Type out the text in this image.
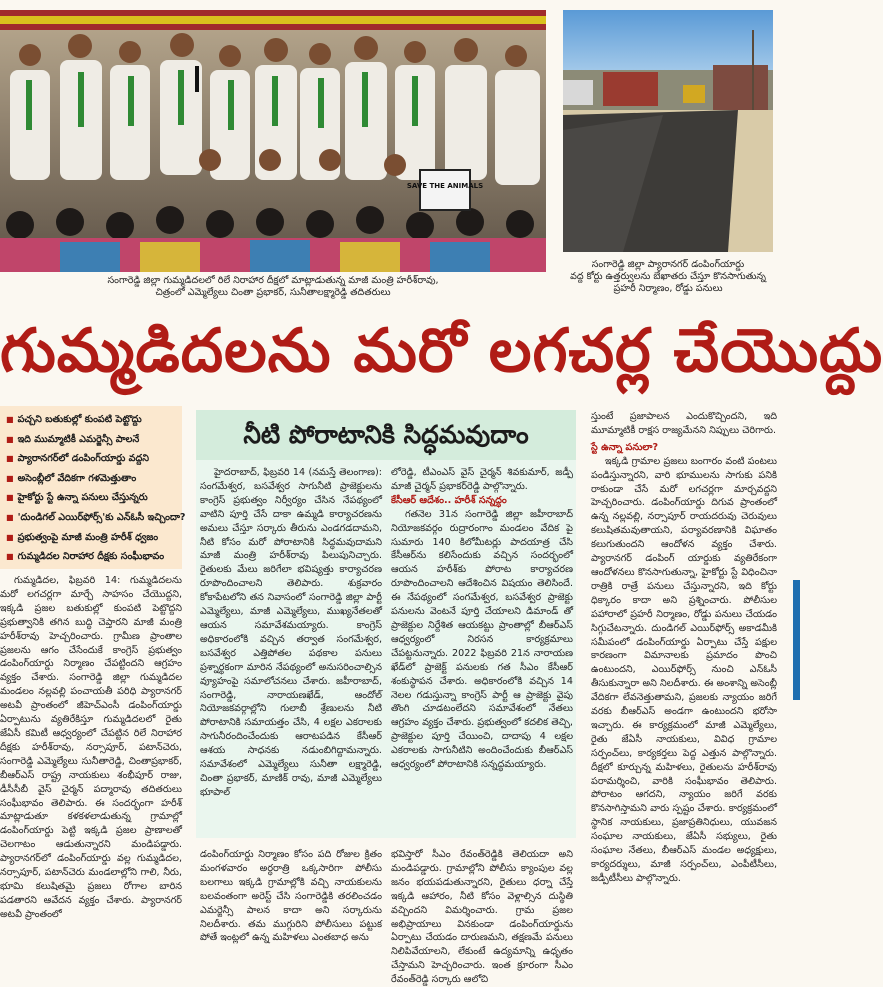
SAVE THE ANIMALS
సంగారెడ్డి జిల్లా గుమ్మడిదలలో రిలే నిరాహార దీక్షలో మాట్లాడుతున్న మాజీ మంత్రి హరీశ్‌రావు,
చిత్రంలో ఎమ్మెల్యేలు చింతా ప్రభాకర్, సునీతాలక్ష్మారెడ్డి తదితరులు
సంగారెడ్డి జిల్లా ప్యారానగర్ డంపింగ్‌యార్డు
వద్ద కోర్టు ఉత్తర్వులను బేఖాతరు చేస్తూ కొనసాగుతున్న
ప్రహరీ నిర్మాణం, రోడ్డు పనులు
గుమ్మడిదలను మరో లగచర్ల చేయొద్దు
■ పచ్చని బతుకుల్లో కుంపటి పెట్టొద్దు
■ ఇది ముమ్మాటికీ ఎమర్జెన్సీ పాలనే
■ ప్యారానగర్‌లో డంపింగ్‌యార్డు వద్దని
■ అసెంబ్లీలో వేదికగా గళమెత్తుతాం
■ హైకోర్టు స్టే ఉన్నా పనులు చేస్తున్నరు
■ 'దుండిగల్ ఎయిర్‌ఫోర్స్'కు ఎన్‌ఓసీ ఇచ్చిందా?
■ ప్రభుత్వంపై మాజీ మంత్రి హరీశ్ ధ్వజం
■ గుమ్మడిదల నిరాహార దీక్షకు సంఘీభావం

గుమ్మడిదల, ఫిబ్రవరి 14: గుమ్మడిదలను మరో లగచర్లగా మార్చే సాహసం చేయొద్దని, ఇక్కడి ప్రజల బతుకుల్లో కుంపటి పెట్టొద్దని ప్రభుత్వానికి తగిన బుద్ధి చెప్తారని మాజీ మంత్రి హరీశ్‌రావు హెచ్చరించారు. గ్రామీణ ప్రాంతాల ప్రజలను ఆగం చేసేందుకే కాంగ్రెస్ ప్రభుత్వం డంపింగ్‌యార్డు నిర్మాణం చేపట్టిందని ఆగ్రహం వ్యక్తం చేశారు. సంగారెడ్డి జిల్లా గుమ్మడిదల మండలం నల్లవల్లి పంచాయతీ పరిధి ప్యారానగర్ అటవీ ప్రాంతంలో జీహెచ్‌ఎంసీ డంపింగ్‌యార్డు ఏర్పాటును వ్యతిరేకిస్తూ గుమ్మడిదలలో రైతు జేఏసీ కమిటీ ఆధ్వర్యంలో చేపట్టిన రిలే నిరాహార దీక్షకు హరీశ్‌రావు, నర్సాపూర్, పటాన్‌చెరు, సంగారెడ్డి ఎమ్మెల్యేలు సునీతారెడ్డి, చింతాప్రభాకర్, బీఆర్‌ఎస్ రాష్ట్ర నాయకులు శంభీపూర్ రాజు, డీసీసీబీ వైస్ చైర్మన్ పద్మారావు తదితరులు సంఘీభావం తెలిపారు. ఈ సందర్భంగా హరీశ్ మాట్లాడుతూ కళకళలాడుతున్న గ్రామాల్లో డంపింగ్‌యార్డు పెట్టి ఇక్కడి ప్రజల ప్రాణాలతో చెలగాటం ఆడుతున్నారని మండిపడ్డారు. ప్యారానగర్‌లో డంపింగ్‌యార్డు వల్ల గుమ్మడిదల, నర్సాపూర్, పటాన్‌చెరు మండలాల్లోని గాలి, నీరు, భూమి కలుషితమై ప్రజలు రోగాల బారిన పడతారని ఆవేదన వ్యక్తం చేశారు. ప్యారానగర్ అటవీ ప్రాంతంలో

నీటి పోరాటానికి సిద్ధమవుదాం

హైదరాబాద్, ఫిబ్రవరి 14 (నమస్తే తెలంగాణ): సంగమేశ్వర, బసవేశ్వర సాగునీటి ప్రాజెక్టులను కాంగ్రెస్ ప్రభుత్వం నిర్వీర్యం చేసిన నేపథ్యంలో వాటిని పూర్తి చేసే దాకా ఉమ్మడి కార్యాచరణను అమలు చేస్తూ సర్కారు తీరును ఎండగడదామని, నీటి కోసం మరో పోరాటానికి సిద్ధమవుదామని మాజీ మంత్రి హరీశ్‌రావు పిలుపునిచ్చారు. రైతులకు మేలు జరిగేలా భవిష్యత్తు కార్యాచరణ రూపొందించాలని తెలిపారు. శుక్రవారం కోకాపేటలోని తన నివాసంలో సంగారెడ్డి జిల్లా పార్టీ ఎమ్మెల్యేలు, మాజీ ఎమ్మెల్యేలు, ముఖ్యనేతలతో ఆయన సమావేశమయ్యారు. కాంగ్రెస్ అధికారంలోకి వచ్చిన తర్వాత సంగమేశ్వర, బసవేశ్వర ఎత్తిపోతల పథకాల పనులు ప్రశ్నార్థకంగా మారిన నేపథ్యంలో అనుసరించాల్సిన వ్యూహంపై సమాలోచనలు చేశారు. జహీరాబాద్, సంగారెడ్డి, నారాయణఖేడ్, ఆందోల్ నియోజకవర్గాల్లోని గులాబీ శ్రేణులను నీటి పోరాటానికి సమాయత్తం చేసి, 4 లక్షల ఎకరాలకు సాగునీరందించేందుకు ఆరాటపడిన కేసీఆర్ ఆశయ సాధనకు నడుంబిగిద్దామన్నారు. సమావేశంలో ఎమ్మెల్యేలు సునీతా లక్ష్మారెడ్డి, చింతా ప్రభాకర్, మాణిక్ రావు, మాజీ ఎమ్మెల్యేలు భూపాల్

లోరెడ్డి, టీఎంఎస్ వైస్ చైర్మన్ శివకుమార్, జడ్పీ మాజీ చైర్మన్ ప్రభాకర్‌రెడ్డి పాల్గొన్నారు.

కేసీఆర్ ఆదేశం.. హరీశ్ సన్నద్ధం

గతనెల 31న సంగారెడ్డి జిల్లా జహీరాబాద్ నియోజకవర్గం రుద్రారంగాం మండలం వేదిక పై సుమారు 140 కిలోమీటర్లు పాదయాత్ర చేసి కేసీఆర్‌ను కలిసేందుకు వచ్చిన సందర్భంలో ఆయన హరీశ్‌కు పోరాట కార్యాచరణ రూపొందించాలని ఆదేశించిన విషయం తెలిసిందే. ఈ నేపథ్యంలో సంగమేశ్వర, బసవేశ్వర ప్రాజెక్టు పనులను వెంటనే పూర్తి చేయాలని డిమాండ్ తో ప్రాజెక్టుల నిర్దేశిత ఆయకట్టు ప్రాంతాల్లో బీఆర్‌ఎస్ ఆధ్వర్యంలో నిరసన కార్యక్రమాలు చేపట్టనున్నారు. 2022 ఫిబ్రవరి 21న నారాయణ ఖేడ్‌లో ప్రాజెక్ట్ పనులకు గత సీఎం కేసీఆర్ శంకుస్థాపన చేశారు. అధికారంలోకి వచ్చిన 14 నెలల గడుస్తున్నా కాంగ్రెస్ పార్టీ ఆ ప్రాజెక్టు వైపు తొంగి చూడటంలేదని సమావేశంలో నేతలు ఆగ్రహం వ్యక్తం చేశారు. ప్రభుత్వంలో కదలిక తెచ్చి, ప్రాజెక్టుల పూర్తి చేయించి, దాదాపు 4 లక్షల ఎకరాలకు సాగునీటిని అందించేందుకు బీఆర్‌ఎస్ ఆధ్వర్యంలో పోరాటానికి సన్నద్ధమయ్యారు.

డంపింగ్‌యార్డు నిర్మాణం కోసం పది రోజుల క్రితం మంగళవారం అర్ధరాత్రి ఒక్కసారిగా పోలీసు బలగాలు ఇక్కడి గ్రామాల్లోకి వచ్చి నాయకులను బలవంతంగా అరెస్ట్ చేసి సంగారెడ్డికి తరలించడం ఎమర్జెన్సీ పాలన కాదా అని సర్కారును నిలదీశారు. తమ ముగ్గురిని పోలీసులు పట్టుక పోతే ఇంట్లలో ఉన్న మహిళలు ఎంతబాధ అను

భవిస్తారో సీఎం రేవంత్‌రెడ్డికి తెలియదా అని మండిపడ్డారు. గ్రామాల్లోని పోలీసు క్యాంపుల వల్ల జనం భయపడుతున్నారని, రైతులు ధర్నా చేస్తే ఇక్కడి ఆహారం, నీటి కోసం వెళ్లాల్సిన దుస్థితి వచ్చిందని విమర్శించారు. గ్రామ ప్రజల అభిప్రాయాలు వినకుండా డంపింగ్‌యార్డును ఏర్పాటు చేయడం దారుణమని, తక్షణమే పనులు నిలిపివేయాలని, లేకుంటే ఉద్యమాన్ని ఉధృతం చేస్తామని హెచ్చరించారు. ఇంత క్రూరంగా సీఎం రేవంత్‌రెడ్డి సర్కారు ఆలోచి

స్తుంటే ప్రజాపాలన ఎందుకొచ్చిందని, ఇది మూమ్మాటికీ రాక్షస రాజ్యమేనని నిప్పులు చెరిగారు.

స్టే ఉన్నా పనులా?

ఇక్కడి గ్రామాల ప్రజలు బంగారం వంటి పంటలు పండిస్తున్నారని, వారి భూములను సాగుకు పనికి రాకుండా చేసే మరో లగచర్లగా మార్చవద్దని హెచ్చరించారు. డంపింగ్‌యార్డు దిగువ ప్రాంతంలో ఉన్న నల్లవల్లి, నర్సాపూర్ రాయదరువు చెరువులు కలుషితమవుతాయని, పర్యావరణానికి విఘాతం కలుగుతుందని ఆందోళన వ్యక్తం చేశారు. ప్యారానగర్ డంపింగ్ యార్డుకు వ్యతిరేకంగా ఆందోళనలు కొనసాగుతున్నా, హైకోర్టు స్టే విధించినా రాత్రికి రాత్రే పనులు చేస్తున్నారని, ఇది కోర్టు ధిక్కారం కాదా అని ప్రశ్నించారు. పోలీసుల పహారాలో ప్రహరీ నిర్మాణం, రోడ్డు పనులు చేయడం సిగ్గుచేటన్నారు. దుండిగల్ ఎయిర్‌ఫోర్స్ అకాడమీకి సమీపంలో డంపింగ్‌యార్డు ఏర్పాటు చేస్తే పక్షుల కారణంగా విమానాలకు ప్రమాదం పొంచి ఉంటుందని, ఎయిర్‌ఫోర్స్ నుంచి ఎన్‌ఓసీ తీసుకున్నారా అని నిలదీశారు. ఈ అంశాన్ని అసెంబ్లీ వేదికగా లేవనెత్తుతామని, ప్రజలకు న్యాయం జరిగే వరకు బీఆర్‌ఎస్ అండగా ఉంటుందని భరోసా ఇచ్చారు. ఈ కార్యక్రమంలో మాజీ ఎమ్మెల్యేలు, రైతు జేఏసీ నాయకులు, వివిధ గ్రామాల సర్పంచ్‌లు, కార్యకర్తలు పెద్ద ఎత్తున పాల్గొన్నారు. దీక్షలో కూర్చున్న మహిళలు, రైతులను హరీశ్‌రావు పరామర్శించి, వారికి సంఘీభావం తెలిపారు. పోరాటం ఆగదని, న్యాయం జరిగే వరకు కొనసాగిస్తామని వారు స్పష్టం చేశారు. కార్యక్రమంలో స్థానిక నాయకులు, ప్రజాప్రతినిధులు, యువజన సంఘాల నాయకులు, జేఏసీ సభ్యులు, రైతు సంఘాల నేతలు, బీఆర్‌ఎస్ మండల అధ్యక్షులు, కార్యదర్శులు, మాజీ సర్పంచ్‌లు, ఎంపీటీసీలు, జడ్పీటీసీలు పాల్గొన్నారు.
